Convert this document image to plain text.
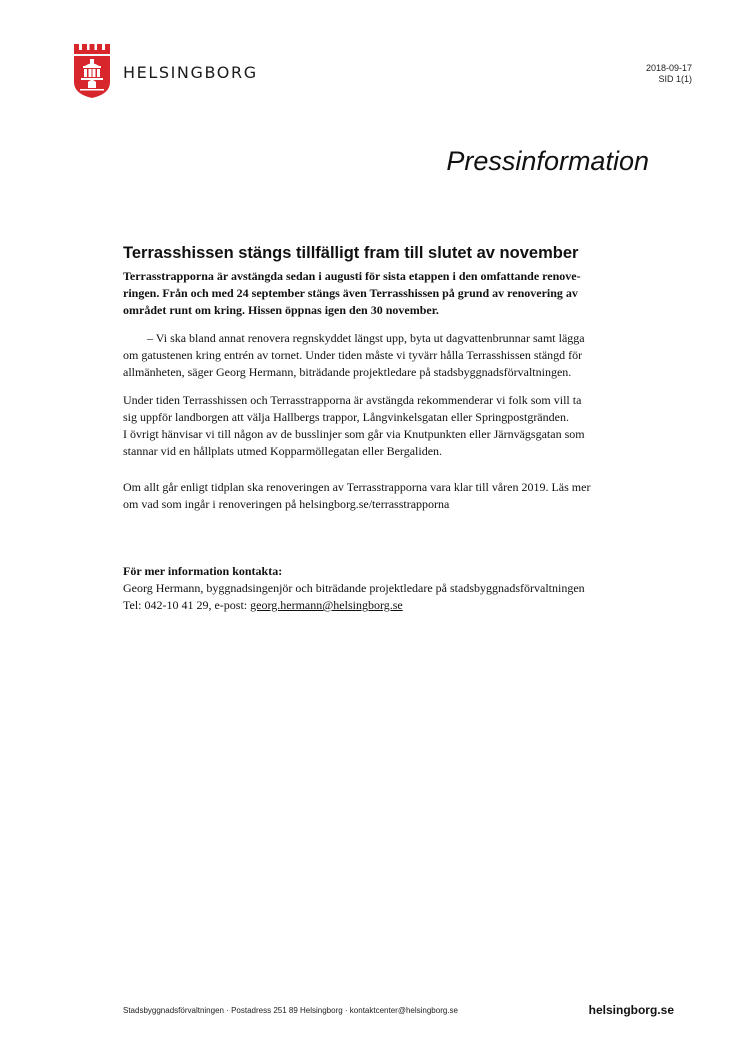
HELSINGBORG	2018-09-17
SID 1(1)
Pressinformation
Terrasshissen stängs tillfälligt fram till slutet av november

Terrasstrapporna är avstängda sedan i augusti för sista etappen i den omfattande renove-
ringen. Från och med 24 september stängs även Terrasshissen på grund av renovering av
området runt om kring. Hissen öppnas igen den 30 november.

– Vi ska bland annat renovera regnskyddet längst upp, byta ut dagvattenbrunnar samt lägga
om gatustenen kring entrén av tornet. Under tiden måste vi tyvärr hålla Terrasshissen stängd för
allmänheten, säger Georg Hermann, biträdande projektledare på stadsbyggnadsförvaltningen.

Under tiden Terrasshissen och Terrasstrapporna är avstängda rekommenderar vi folk som vill ta
sig uppför landborgen att välja Hallbergs trappor, Långvinkelsgatan eller Springpostgränden.
I övrigt hänvisar vi till någon av de busslinjer som går via Knutpunkten eller Järnvägsgatan som
stannar vid en hållplats utmed Kopparmöllegatan eller Bergaliden.

Om allt går enligt tidplan ska renoveringen av Terrasstrapporna vara klar till våren 2019. Läs mer
om vad som ingår i renoveringen på helsingborg.se/terrasstrapporna

För mer information kontakta:
Georg Hermann, byggnadsingenjör och biträdande projektledare på stadsbyggnadsförvaltningen
Tel: 042-10 41 29, e-post: georg.hermann@helsingborg.se
Stadsbyggnadsförvaltningen · Postadress 251 89 Helsingborg · kontaktcenter@helsingborg.se	helsingborg.se
